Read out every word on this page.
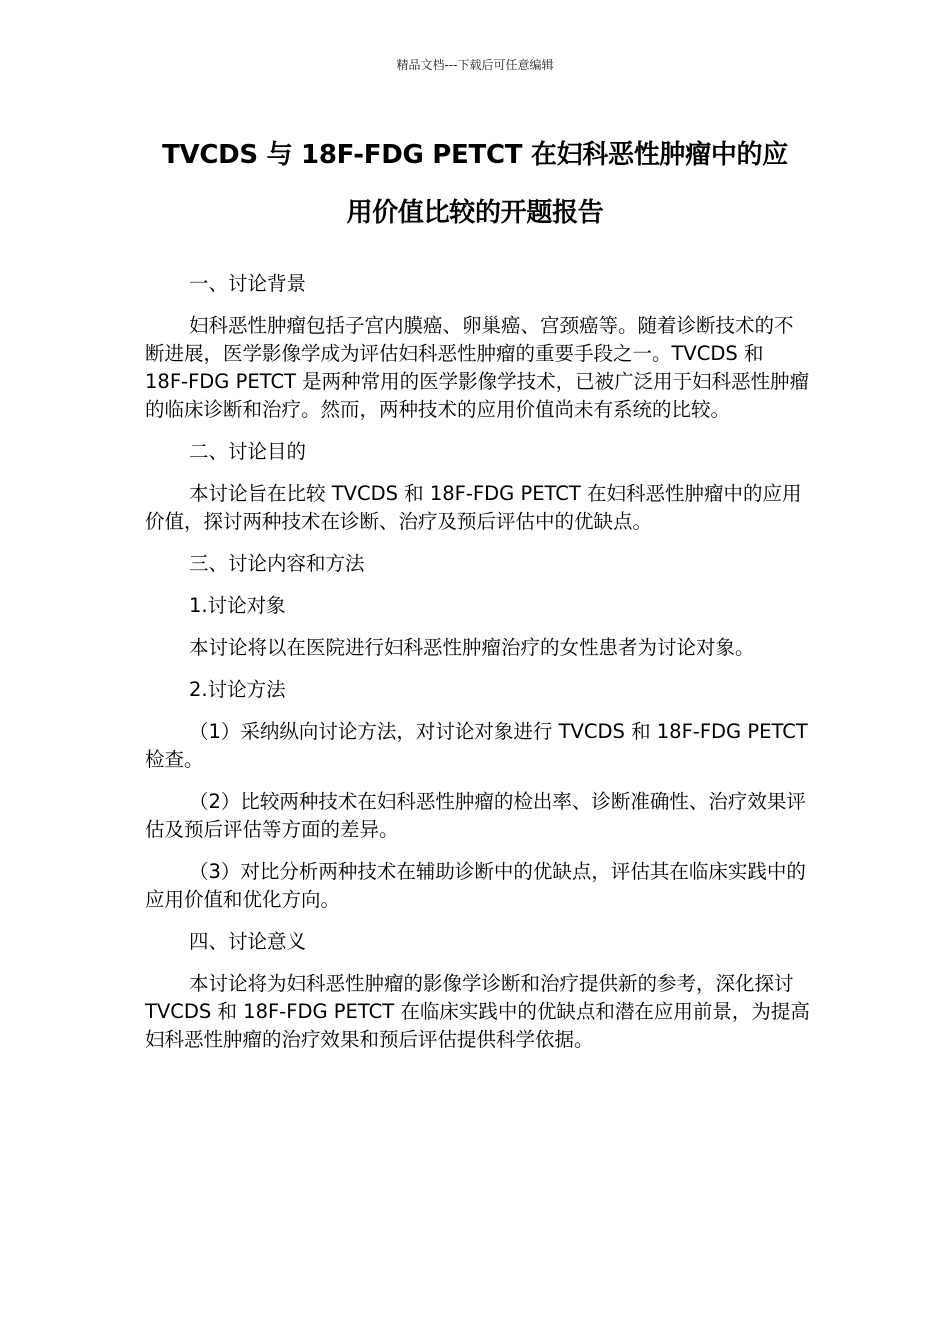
精品文档---下载后可任意编辑
TVCDS 与 18F-FDG PETCT 在妇科恶性肿瘤中的应
用价值比较的开题报告
一、讨论背景
妇科恶性肿瘤包括子宫内膜癌、卵巢癌、宫颈癌等。随着诊断技术的不断进展，医学影像学成为评估妇科恶性肿瘤的重要手段之一。TVCDS 和 18F-FDG PETCT 是两种常用的医学影像学技术，已被广泛用于妇科恶性肿瘤的临床诊断和治疗。然而，两种技术的应用价值尚未有系统的比较。
二、讨论目的
本讨论旨在比较 TVCDS 和 18F-FDG PETCT 在妇科恶性肿瘤中的应用价值，探讨两种技术在诊断、治疗及预后评估中的优缺点。
三、讨论内容和方法
1.讨论对象
本讨论将以在医院进行妇科恶性肿瘤治疗的女性患者为讨论对象。
2.讨论方法
（1）采纳纵向讨论方法，对讨论对象进行 TVCDS 和 18F-FDG PETCT 检查。
（2）比较两种技术在妇科恶性肿瘤的检出率、诊断准确性、治疗效果评估及预后评估等方面的差异。
（3）对比分析两种技术在辅助诊断中的优缺点，评估其在临床实践中的应用价值和优化方向。
四、讨论意义
本讨论将为妇科恶性肿瘤的影像学诊断和治疗提供新的参考，深化探讨 TVCDS 和 18F-FDG PETCT 在临床实践中的优缺点和潜在应用前景，为提高妇科恶性肿瘤的治疗效果和预后评估提供科学依据。
